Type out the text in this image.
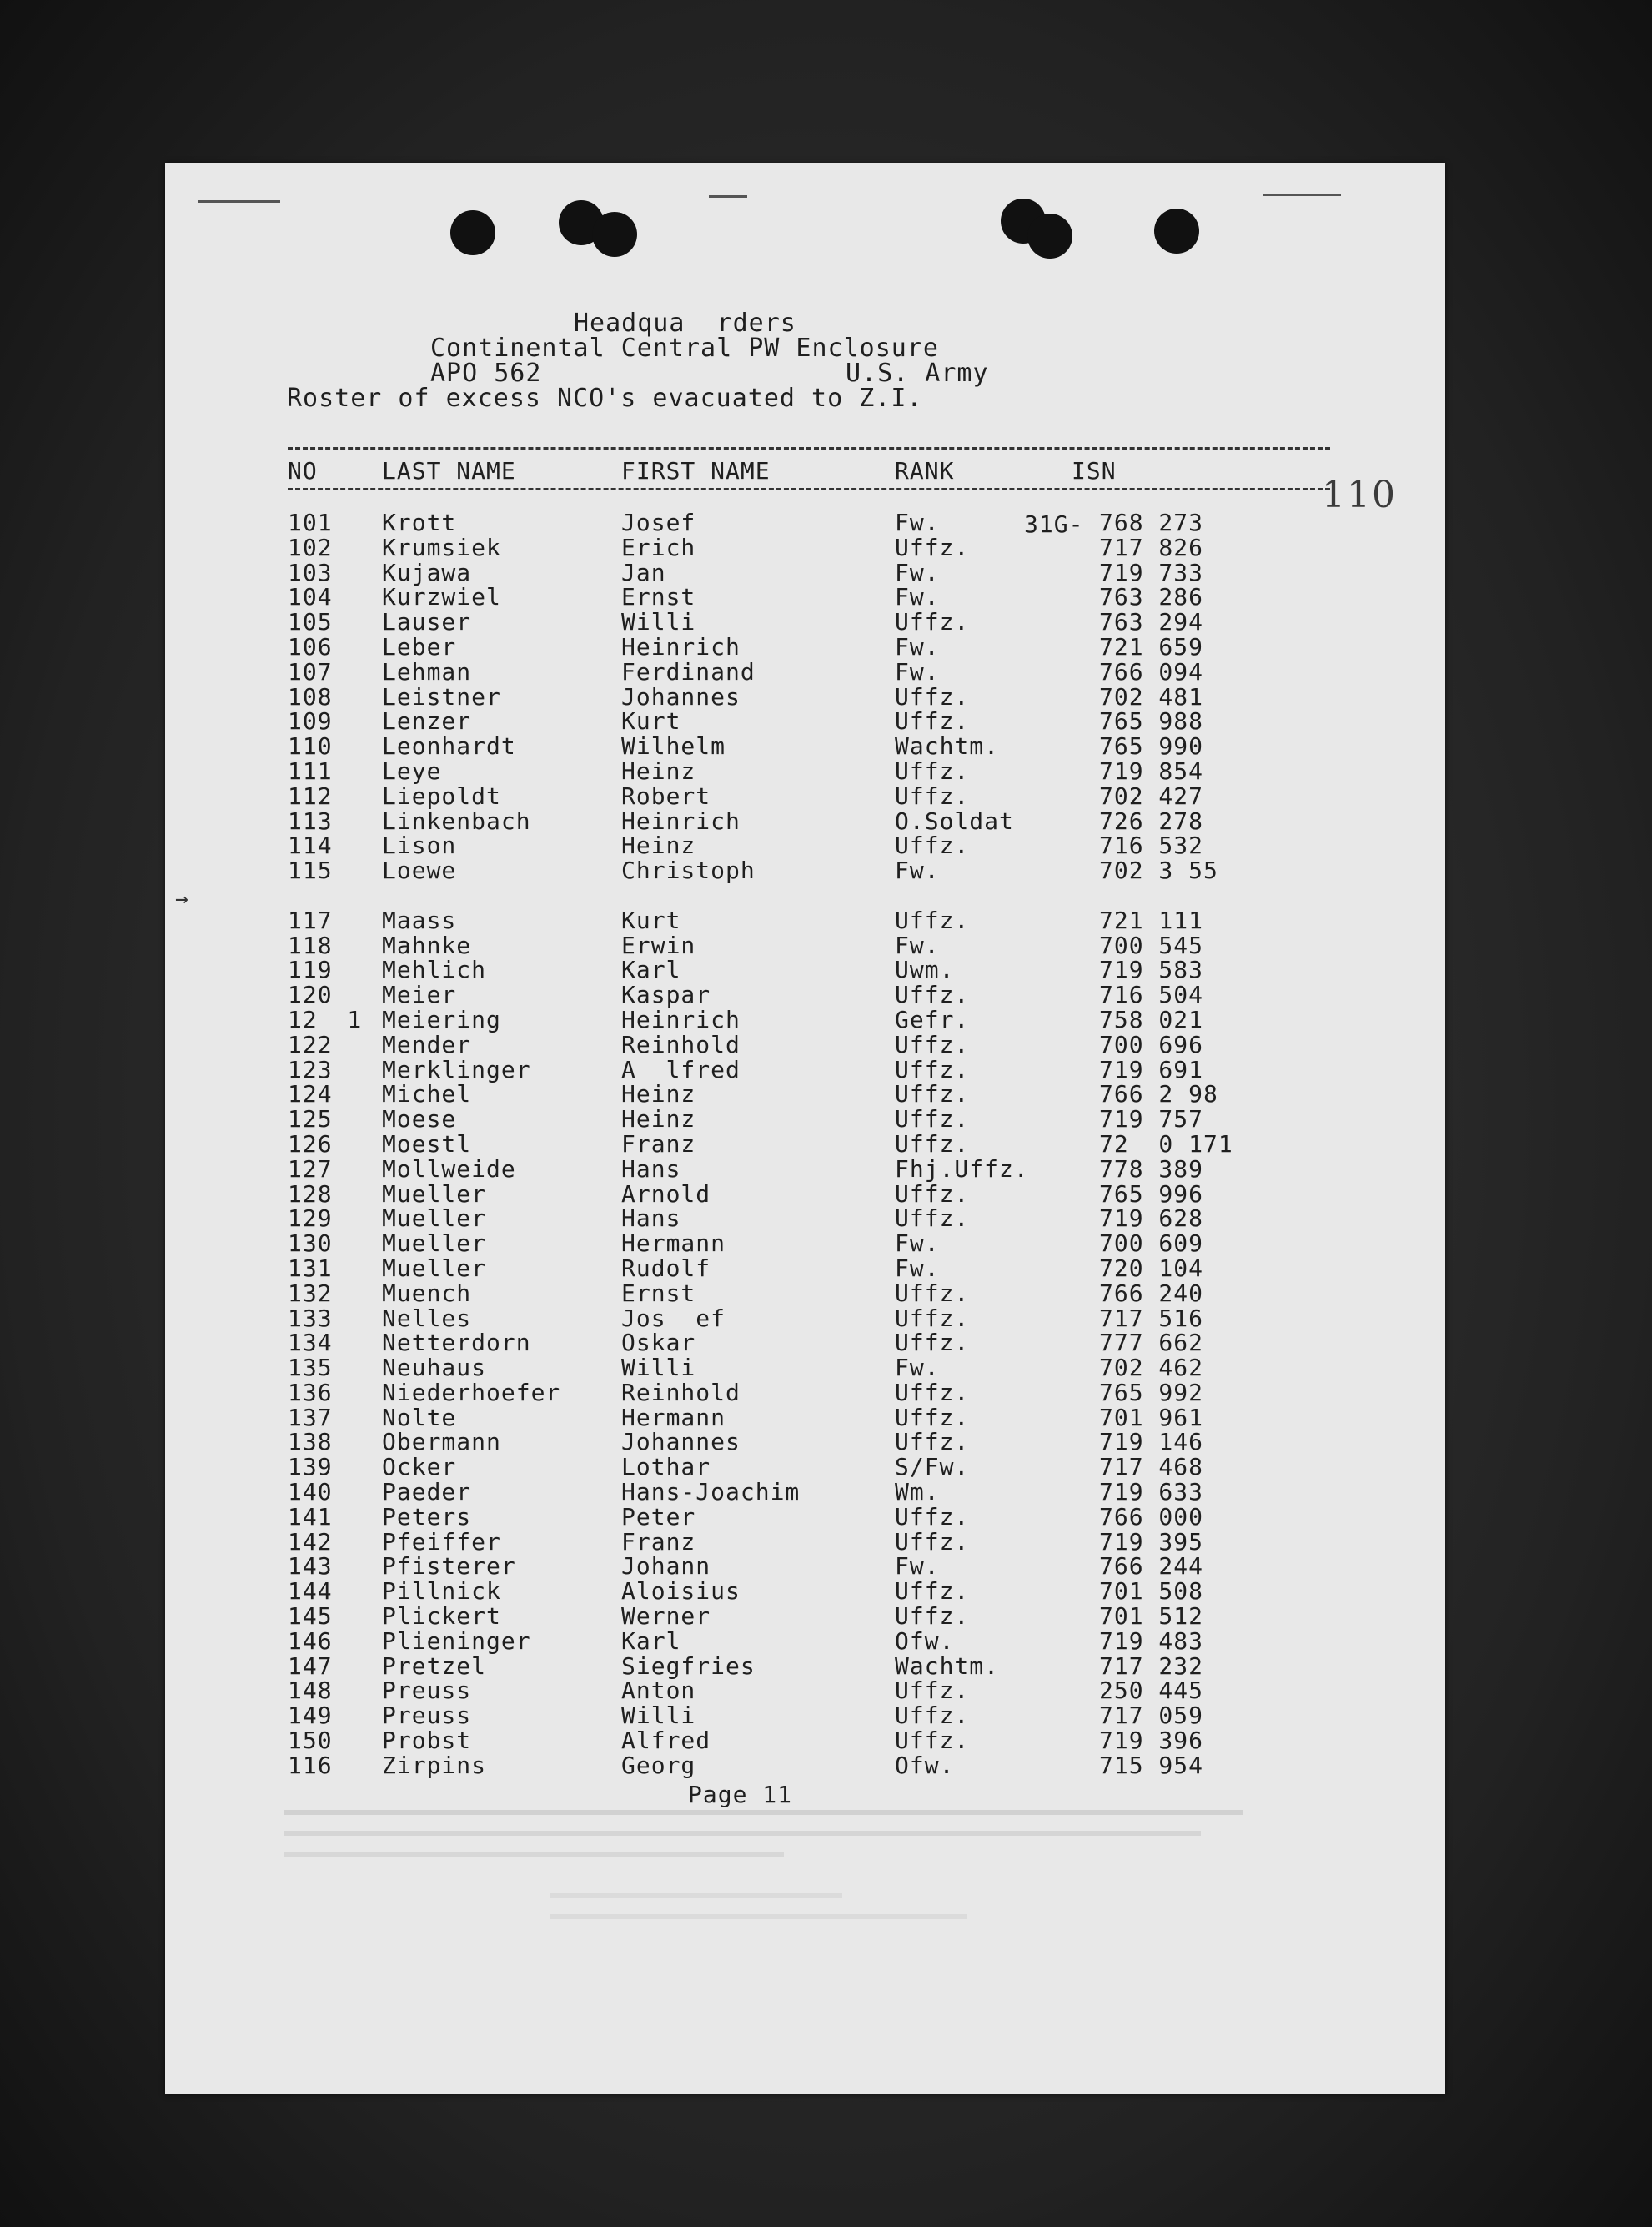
Headqua  rders
Continental Central PW Enclosure
APO 562	U.S. Army
Roster of excess NCO's evacuated to Z.I.
NO	LAST NAME	FIRST NAME	RANK	ISN
110
31G-
→
101 Krott	Josef	Fw.	768 273
102 Krumsiek	Erich	Uffz.	717 826
103 Kujawa	Jan	Fw.	719 733
104 Kurzwiel	Ernst	Fw.	763 286
105 Lauser	Willi	Uffz.	763 294
106 Leber	Heinrich	Fw.	721 659
107 Lehman	Ferdinand	Fw.	766 094
108 Leistner	Johannes	Uffz.	702 481
109 Lenzer	Kurt	Uffz.	765 988
110 Leonhardt	Wilhelm	Wachtm.	765 990
111 Leye	Heinz	Uffz.	719 854
112 Liepoldt	Robert	Uffz.	702 427
113 Linkenbach	Heinrich	O.Soldat	726 278
114 Lison	Heinz	Uffz.	716 532
115 Loewe	Christoph	Fw.	702 3 55
117 Maass	Kurt	Uffz.	721 111
118 Mahnke	Erwin	Fw.	700 545
119 Mehlich	Karl	Uwm.	719 583
120 Meier	Kaspar	Uffz.	716 504
12  1 Meiering	Heinrich	Gefr.	758 021
122 Mender	Reinhold	Uffz.	700 696
123 Merklinger	A  lfred	Uffz.	719 691
124 Michel	Heinz	Uffz.	766 2 98
125 Moese	Heinz	Uffz.	719 757
126 Moestl	Franz	Uffz.	72  0 171
127 Mollweide	Hans	Fhj.Uffz.	778 389
128 Mueller	Arnold	Uffz.	765 996
129 Mueller	Hans	Uffz.	719 628
130 Mueller	Hermann	Fw.	700 609
131 Mueller	Rudolf	Fw.	720 104
132 Muench	Ernst	Uffz.	766 240
133 Nelles	Jos  ef	Uffz.	717 516
134 Netterdorn	Oskar	Uffz.	777 662
135 Neuhaus	Willi	Fw.	702 462
136 Niederhoefer	Reinhold	Uffz.	765 992
137 Nolte	Hermann	Uffz.	701 961
138 Obermann	Johannes	Uffz.	719 146
139 Ocker	Lothar	S/Fw.	717 468
140 Paeder	Hans-Joachim	Wm.	719 633
141 Peters	Peter	Uffz.	766 000
142 Pfeiffer	Franz	Uffz.	719 395
143 Pfisterer	Johann	Fw.	766 244
144 Pillnick	Aloisius	Uffz.	701 508
145 Plickert	Werner	Uffz.	701 512
146 Plieninger	Karl	Ofw.	719 483
147 Pretzel	Siegfries	Wachtm.	717 232
148 Preuss	Anton	Uffz.	250 445
149 Preuss	Willi	Uffz.	717 059
150 Probst	Alfred	Uffz.	719 396
116 Zirpins	Georg	Ofw.	715 954
Page 11
